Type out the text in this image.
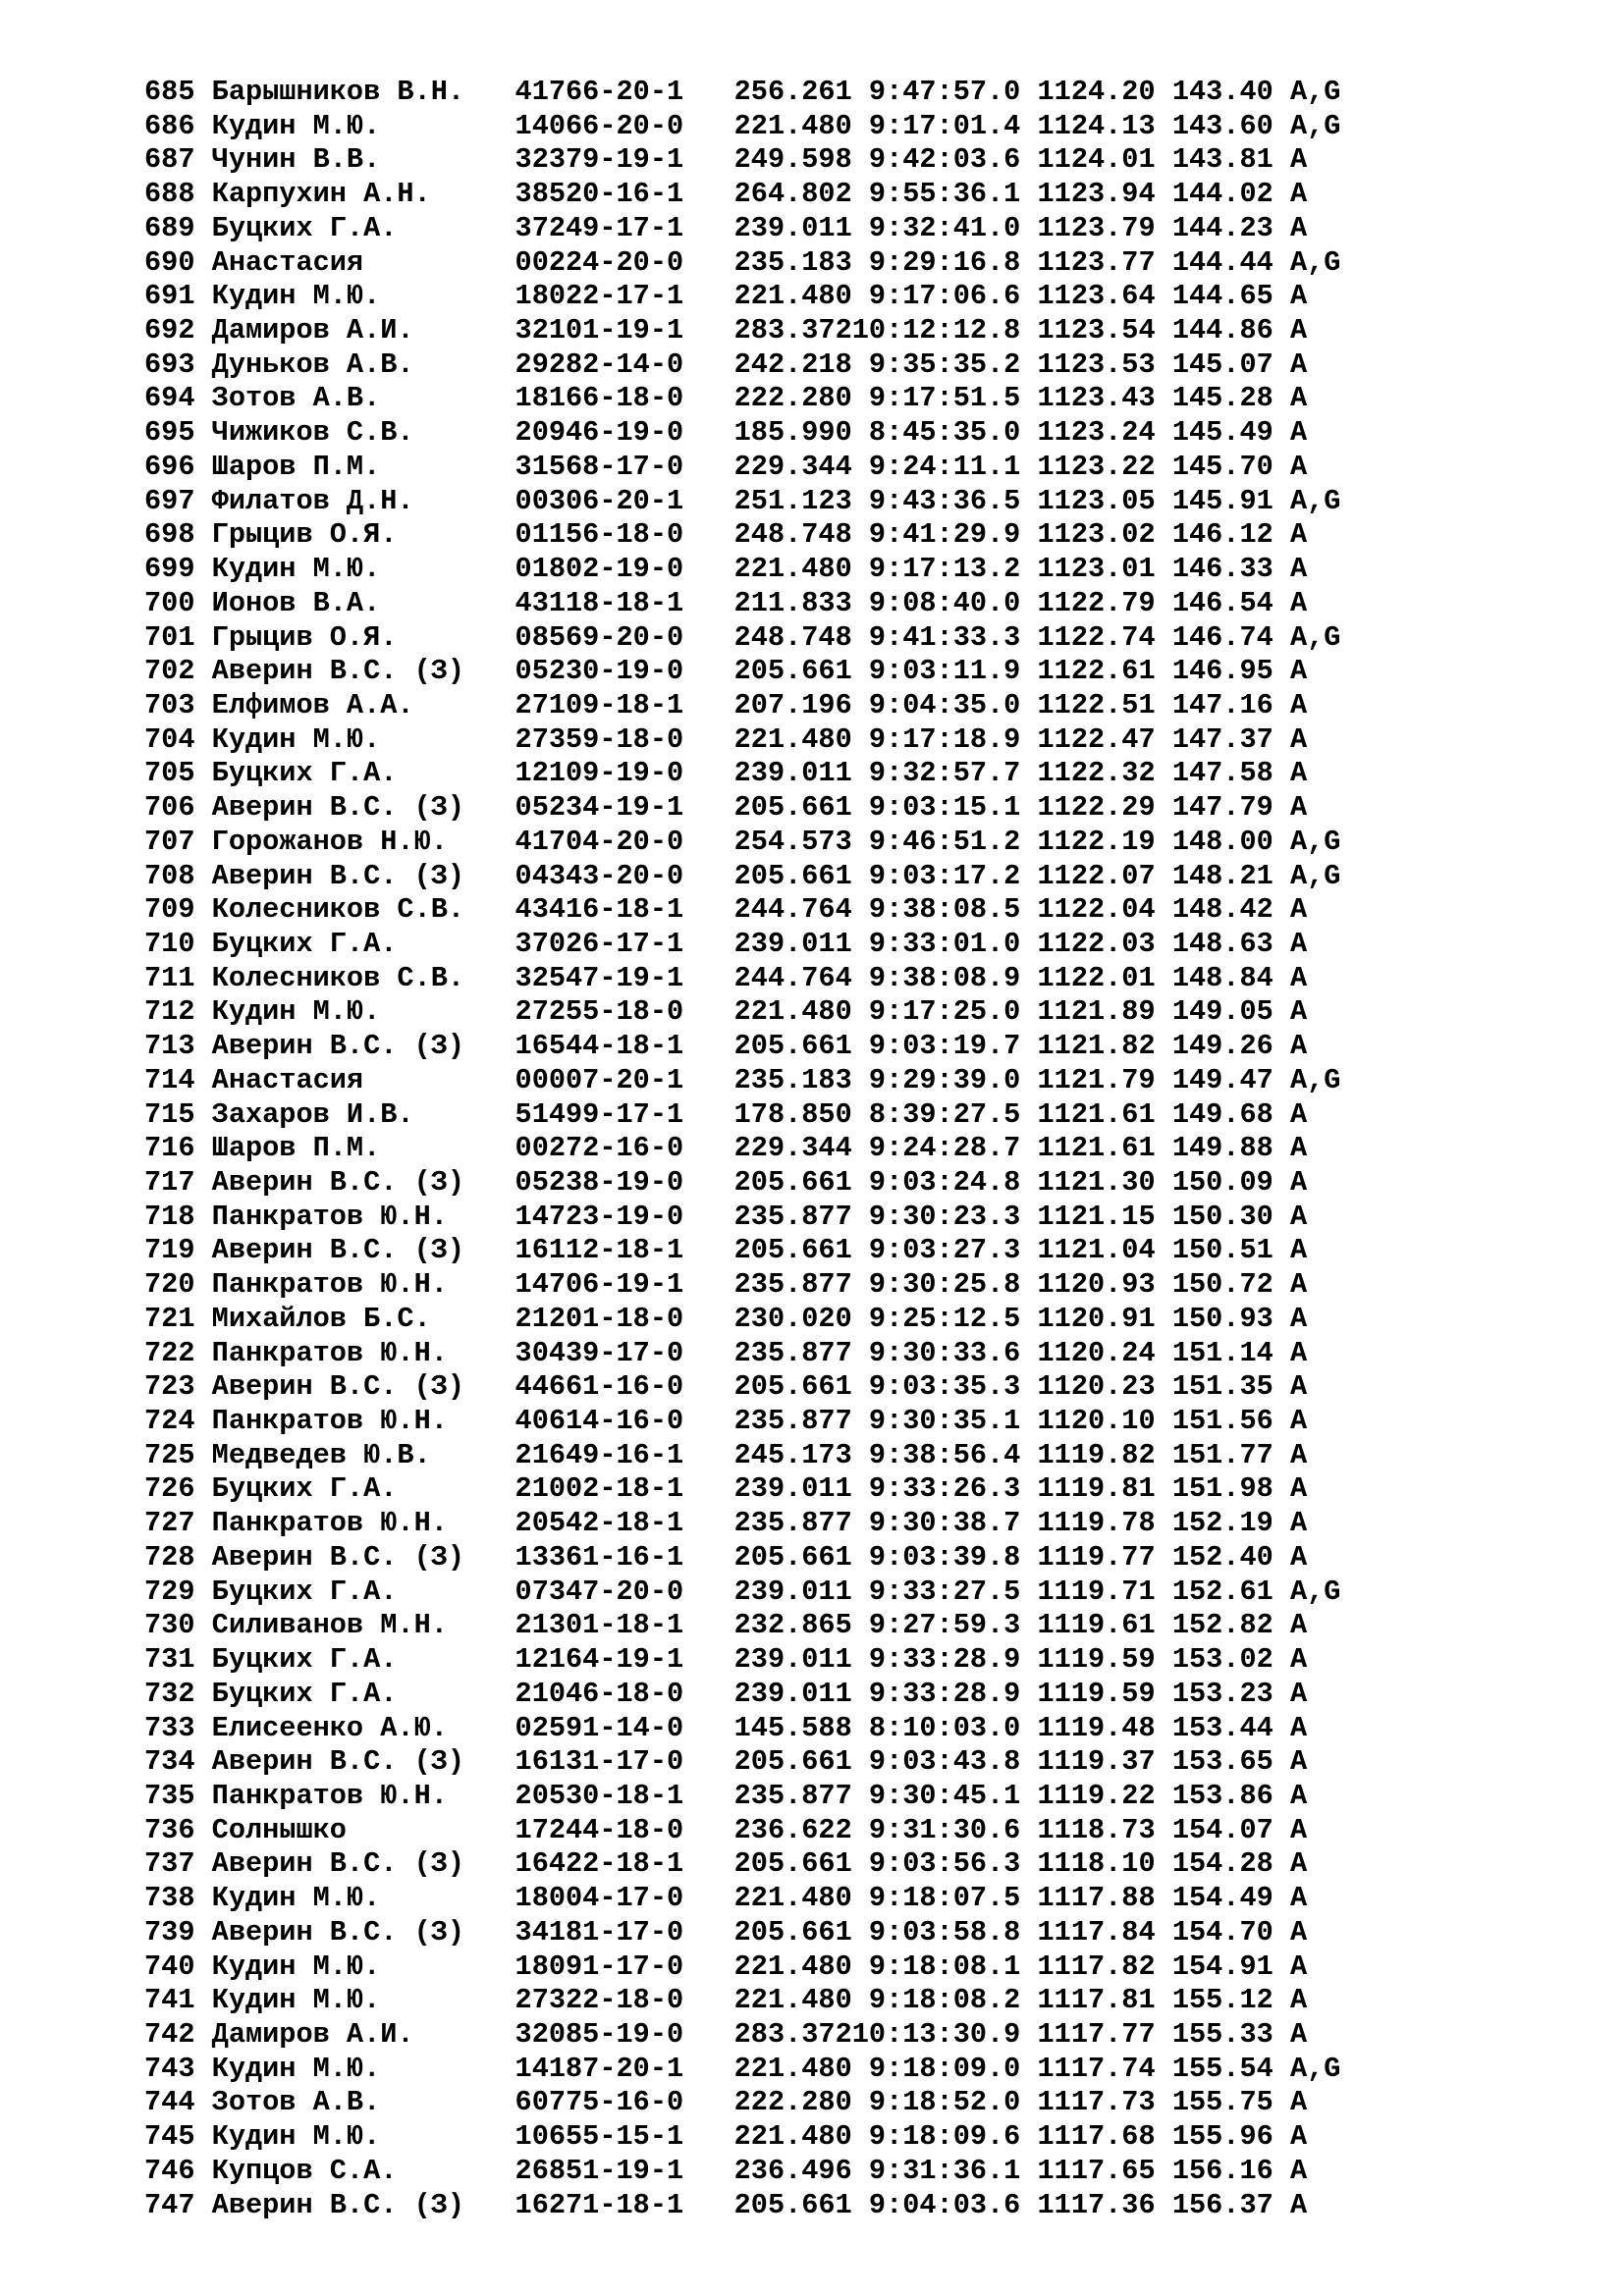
685 Барышников В.Н.   41766-20-1 256.261 9:47:57.0 1124.20 143.40 A,G
686 Кудин М.Ю.        14066-20-0 221.480 9:17:01.4 1124.13 143.60 A,G
687 Чунин В.В.        32379-19-1 249.598 9:42:03.6 1124.01 143.81 A
688 Карпухин А.Н.     38520-16-1 264.802 9:55:36.1 1123.94 144.02 A
689 Буцких Г.А.       37249-17-1 239.011 9:32:41.0 1123.79 144.23 A
690 Анастасия         00224-20-0 235.183 9:29:16.8 1123.77 144.44 A,G
691 Кудин М.Ю.        18022-17-1 221.480 9:17:06.6 1123.64 144.65 A
692 Дамиров А.И.      32101-19-1 283.37210:12:12.8 1123.54 144.86 A
693 Дуньков А.В.      29282-14-0 242.218 9:35:35.2 1123.53 145.07 A
694 Зотов А.В.        18166-18-0 222.280 9:17:51.5 1123.43 145.28 A
695 Чижиков С.В.      20946-19-0 185.990 8:45:35.0 1123.24 145.49 A
696 Шаров П.М.        31568-17-0 229.344 9:24:11.1 1123.22 145.70 A
697 Филатов Д.Н.      00306-20-1 251.123 9:43:36.5 1123.05 145.91 A,G
698 Грыцив О.Я.       01156-18-0 248.748 9:41:29.9 1123.02 146.12 A
699 Кудин М.Ю.        01802-19-0 221.480 9:17:13.2 1123.01 146.33 A
700 Ионов В.А.        43118-18-1 211.833 9:08:40.0 1122.79 146.54 A
701 Грыцив О.Я.       08569-20-0 248.748 9:41:33.3 1122.74 146.74 A,G
702 Аверин В.С. (З)   05230-19-0 205.661 9:03:11.9 1122.61 146.95 A
703 Елфимов А.А.      27109-18-1 207.196 9:04:35.0 1122.51 147.16 A
704 Кудин М.Ю.        27359-18-0 221.480 9:17:18.9 1122.47 147.37 A
705 Буцких Г.А.       12109-19-0 239.011 9:32:57.7 1122.32 147.58 A
706 Аверин В.С. (З)   05234-19-1 205.661 9:03:15.1 1122.29 147.79 A
707 Горожанов Н.Ю.    41704-20-0 254.573 9:46:51.2 1122.19 148.00 A,G
708 Аверин В.С. (З)   04343-20-0 205.661 9:03:17.2 1122.07 148.21 A,G
709 Колесников С.В.   43416-18-1 244.764 9:38:08.5 1122.04 148.42 A
710 Буцких Г.А.       37026-17-1 239.011 9:33:01.0 1122.03 148.63 A
711 Колесников С.В.   32547-19-1 244.764 9:38:08.9 1122.01 148.84 A
712 Кудин М.Ю.        27255-18-0 221.480 9:17:25.0 1121.89 149.05 A
713 Аверин В.С. (З)   16544-18-1 205.661 9:03:19.7 1121.82 149.26 A
714 Анастасия         00007-20-1 235.183 9:29:39.0 1121.79 149.47 A,G
715 Захаров И.В.      51499-17-1 178.850 8:39:27.5 1121.61 149.68 A
716 Шаров П.М.        00272-16-0 229.344 9:24:28.7 1121.61 149.88 A
717 Аверин В.С. (З)   05238-19-0 205.661 9:03:24.8 1121.30 150.09 A
718 Панкратов Ю.Н.    14723-19-0 235.877 9:30:23.3 1121.15 150.30 A
719 Аверин В.С. (З)   16112-18-1 205.661 9:03:27.3 1121.04 150.51 A
720 Панкратов Ю.Н.    14706-19-1 235.877 9:30:25.8 1120.93 150.72 A
721 Михайлов Б.С.     21201-18-0 230.020 9:25:12.5 1120.91 150.93 A
722 Панкратов Ю.Н.    30439-17-0 235.877 9:30:33.6 1120.24 151.14 A
723 Аверин В.С. (З)   44661-16-0 205.661 9:03:35.3 1120.23 151.35 A
724 Панкратов Ю.Н.    40614-16-0 235.877 9:30:35.1 1120.10 151.56 A
725 Медведев Ю.В.     21649-16-1 245.173 9:38:56.4 1119.82 151.77 A
726 Буцких Г.А.       21002-18-1 239.011 9:33:26.3 1119.81 151.98 A
727 Панкратов Ю.Н.    20542-18-1 235.877 9:30:38.7 1119.78 152.19 A
728 Аверин В.С. (З)   13361-16-1 205.661 9:03:39.8 1119.77 152.40 A
729 Буцких Г.А.       07347-20-0 239.011 9:33:27.5 1119.71 152.61 A,G
730 Силиванов М.Н.    21301-18-1 232.865 9:27:59.3 1119.61 152.82 A
731 Буцких Г.А.       12164-19-1 239.011 9:33:28.9 1119.59 153.02 A
732 Буцких Г.А.       21046-18-0 239.011 9:33:28.9 1119.59 153.23 A
733 Елисеенко А.Ю.    02591-14-0 145.588 8:10:03.0 1119.48 153.44 A
734 Аверин В.С. (З)   16131-17-0 205.661 9:03:43.8 1119.37 153.65 A
735 Панкратов Ю.Н.    20530-18-1 235.877 9:30:45.1 1119.22 153.86 A
736 Солнышко          17244-18-0 236.622 9:31:30.6 1118.73 154.07 A
737 Аверин В.С. (З)   16422-18-1 205.661 9:03:56.3 1118.10 154.28 A
738 Кудин М.Ю.        18004-17-0 221.480 9:18:07.5 1117.88 154.49 A
739 Аверин В.С. (З)   34181-17-0 205.661 9:03:58.8 1117.84 154.70 A
740 Кудин М.Ю.        18091-17-0 221.480 9:18:08.1 1117.82 154.91 A
741 Кудин М.Ю.        27322-18-0 221.480 9:18:08.2 1117.81 155.12 A
742 Дамиров А.И.      32085-19-0 283.37210:13:30.9 1117.77 155.33 A
743 Кудин М.Ю.        14187-20-1 221.480 9:18:09.0 1117.74 155.54 A,G
744 Зотов А.В.        60775-16-0 222.280 9:18:52.0 1117.73 155.75 A
745 Кудин М.Ю.        10655-15-1 221.480 9:18:09.6 1117.68 155.96 A
746 Купцов С.А.       26851-19-1 236.496 9:31:36.1 1117.65 156.16 A
747 Аверин В.С. (З)   16271-18-1 205.661 9:04:03.6 1117.36 156.37 A
